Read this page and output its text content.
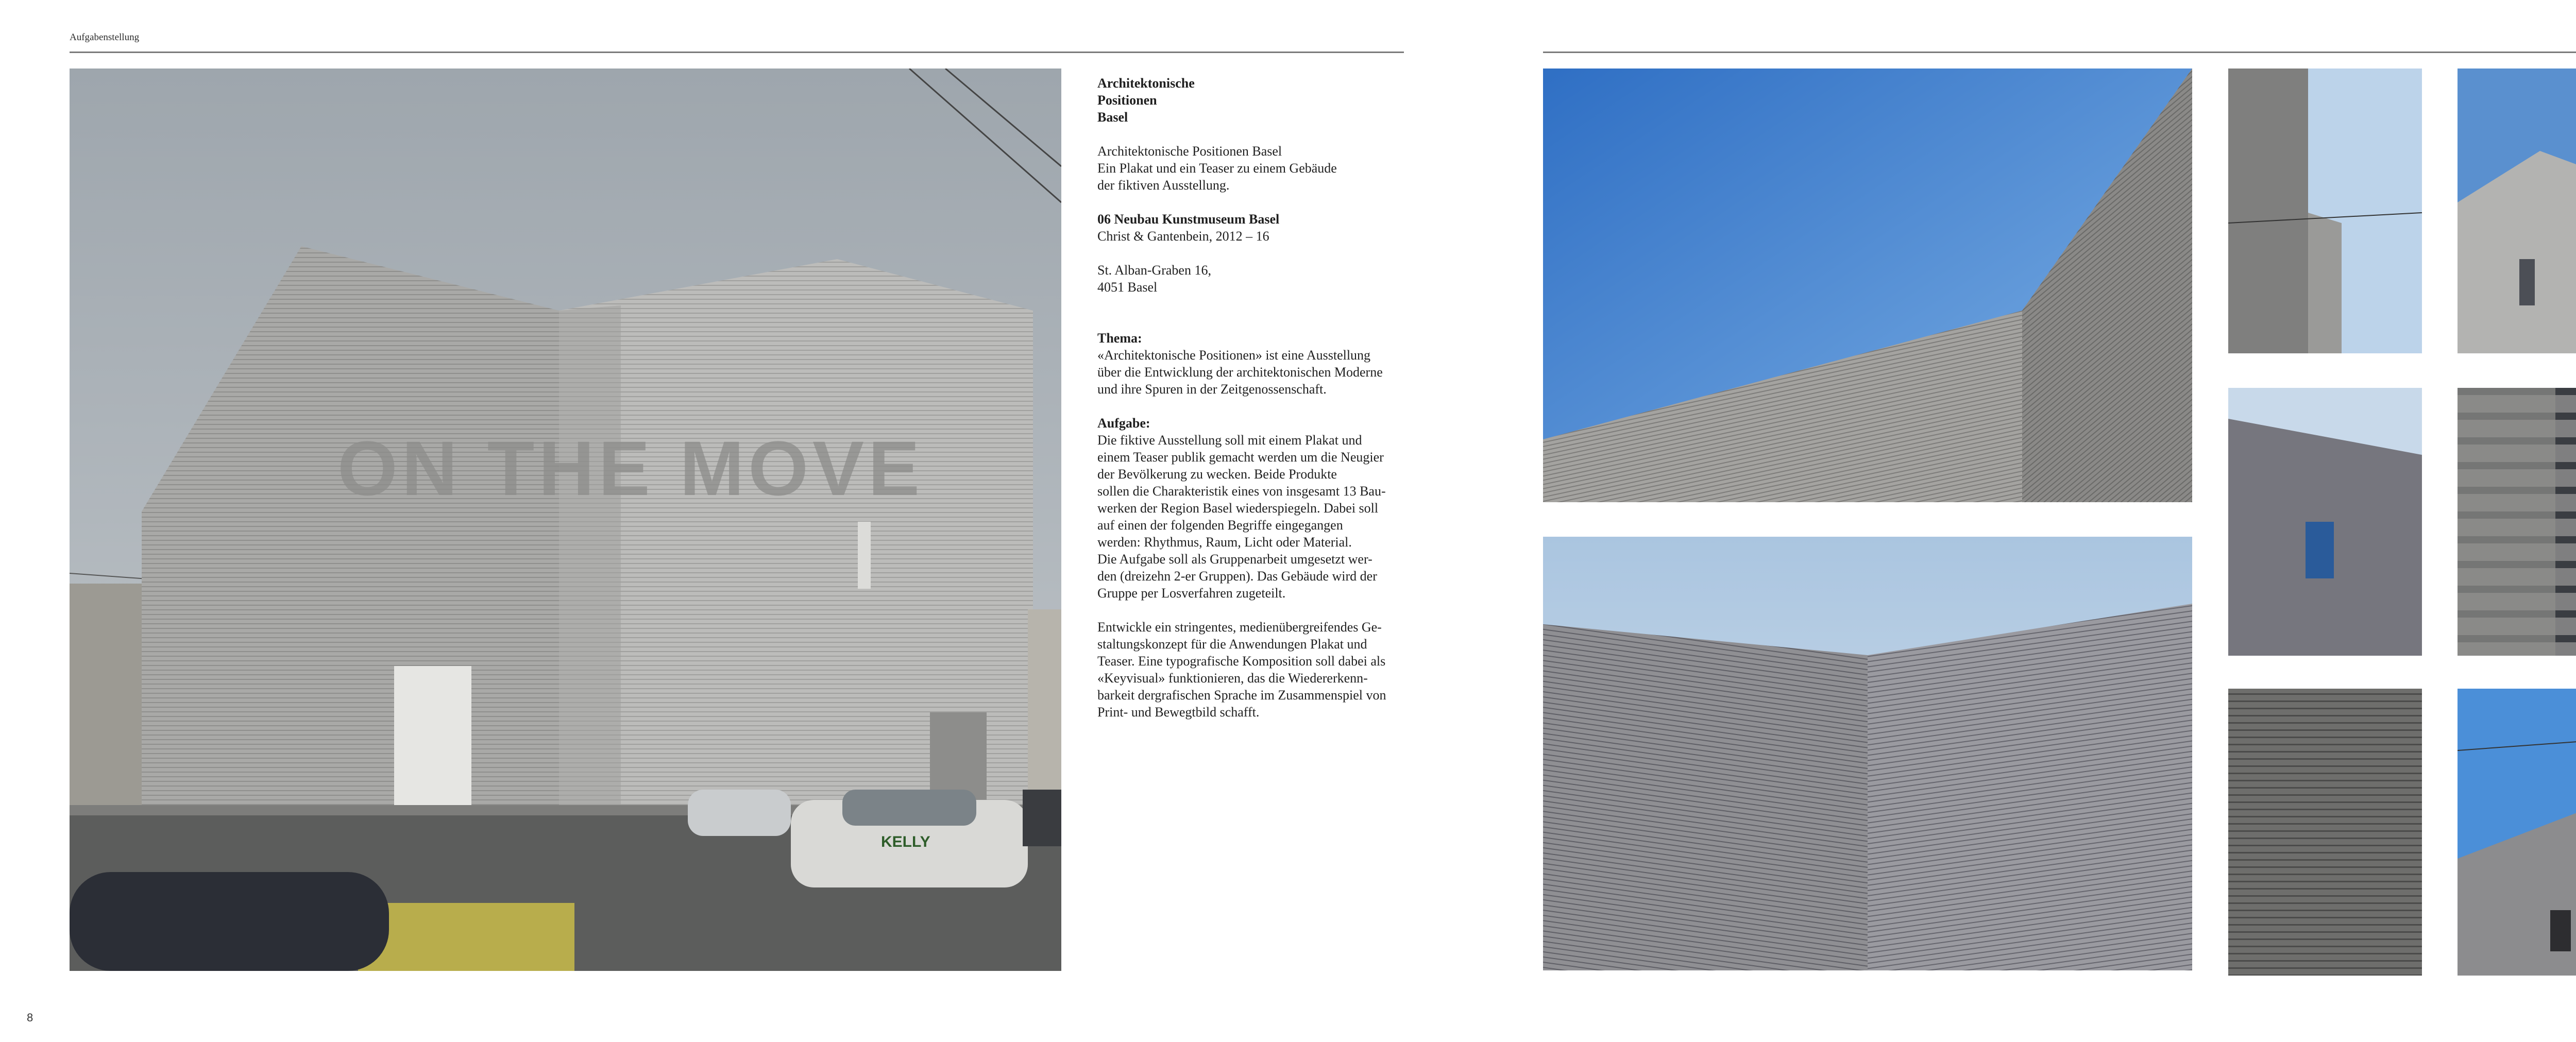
Aufgabenstellung
ON THE MOVE
KELLY
Architektonische
Positionen
Basel
Architektonische Positionen Basel
Ein Plakat und ein Teaser zu einem Gebäude
der fiktiven Ausstellung.
06 Neubau Kunstmuseum Basel
Christ & Gantenbein, 2012 – 16
St. Alban-Graben 16,
4051 Basel
Thema:
«Architektonische Positionen» ist eine Ausstellung
über die Entwicklung der architektonischen Moderne
und ihre Spuren in der Zeitgenossenschaft.
Aufgabe:
Die fiktive Ausstellung soll mit einem Plakat und
einem Teaser publik gemacht werden um die Neugier
der Bevölkerung zu wecken. Beide Produkte
sollen die Charakteristik eines von insgesamt 13 Bau-
werken der Region Basel wiederspiegeln. Dabei soll
auf einen der folgenden Begriffe eingegangen
werden: Rhythmus, Raum, Licht oder Material.
Die Aufgabe soll als Gruppenarbeit umgesetzt wer-
den (dreizehn 2-er Gruppen). Das Gebäude wird der
Gruppe per Losverfahren zugeteilt.
Entwickle ein stringentes, medienübergreifendes Ge-
staltungskonzept für die Anwendungen Plakat und
Teaser. Eine typografische Komposition soll dabei als
«Keyvisual» funktionieren, das die Wiedererkenn-
barkeit dergrafischen Sprache im Zusammenspiel von
Print- und Bewegtbild schafft.
8
